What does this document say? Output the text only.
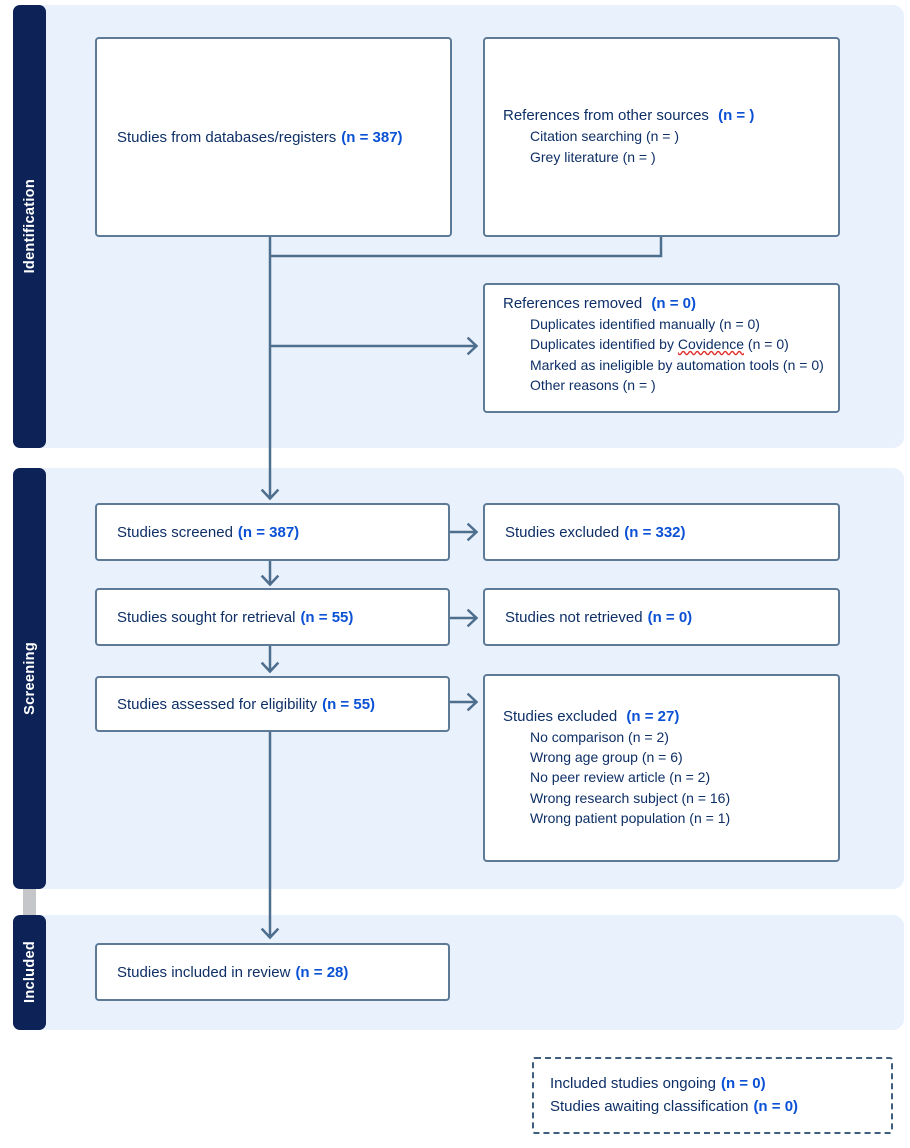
Identification
Screening
Included
Studies from databases/registers (n = 387)
References from other sources (n = )
Citation searching (n = )
Grey literature (n = )
References removed (n = 0)
Duplicates identified manually (n = 0)
Duplicates identified by Covidence (n = 0)
Marked as ineligible by automation tools (n = 0)
Other reasons (n = )
Studies screened (n = 387)	Studies excluded (n = 332)
Studies sought for retrieval (n = 55)	Studies not retrieved (n = 0)
Studies assessed for eligibility (n = 55)
Studies excluded (n = 27)
No comparison (n = 2)
Wrong age group (n = 6)
No peer review article (n = 2)
Wrong research subject (n = 16)
Wrong patient population (n = 1)
Studies included in review (n = 28)
Included studies ongoing (n = 0)
Studies awaiting classification (n = 0)
